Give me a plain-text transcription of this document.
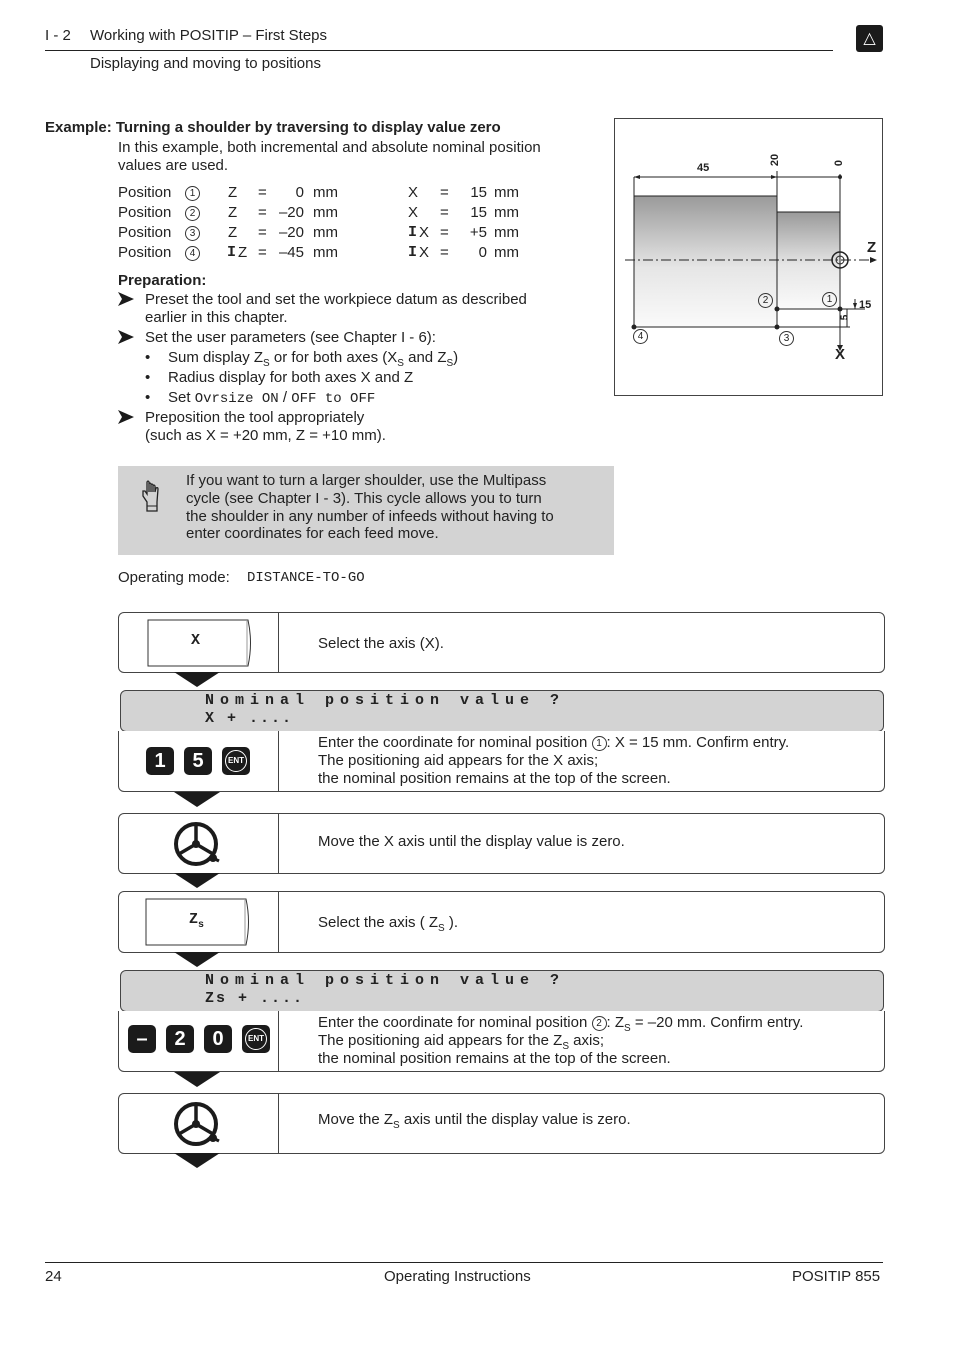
I - 2 Working with POSITIP – First Steps	△
Displaying and moving to positions
Example: Turning a shoulder by traversing to display value zero
In this example, both incremental and absolute nominal position
values are used.
Position	1	Z =	0 mm	X =	15 mm
Position	2	Z = –20 mm	X =	15 mm
Position	3	Z = –20 mm	I X =	+5 mm
Position	4	I Z = –45 mm	I X =	0 mm
Preparation:
Preset the tool and set the workpiece datum as described
earlier in this chapter.
Set the user parameters (see Chapter I - 6):
• Sum display $Z_S$ or for both axes ($X_S$ and $Z_S$)
• Radius display for both axes X and Z
• Set Ovrsize ON / OFF to OFF
Preposition the tool appropriately
(such as X = +20 mm, Z = +10 mm).
45
20	0
15
5
Z
X
1
2
3
4
If you want to turn a larger shoulder, use the Multipass
cycle (see Chapter I - 3). This cycle allows you to turn
the shoulder in any number of infeeds without having to
enter coordinates for each feed move.
Operating mode: DISTANCE-TO-GO
X	Select the axis (X).
Nominal position value ?
X + ....
1	5	ENT
Enter the coordinate for nominal position 1 : X = 15 mm. Confirm entry.
The positioning aid appears for the X axis;
the nominal position remains at the top of the screen.
Move the X axis until the display value is zero.
$Z_s$	Select the axis ( $Z_S$ ).
Nominal position value ?
Zs + ....
–	2	0	ENT
Enter the coordinate for nominal position 2 : $Z_S = -20$ mm. Confirm entry.
The positioning aid appears for the $Z_S$ axis;
the nominal position remains at the top of the screen.
Move the $Z_S$ axis until the display value is zero.
24	Operating Instructions	POSITIP 855
